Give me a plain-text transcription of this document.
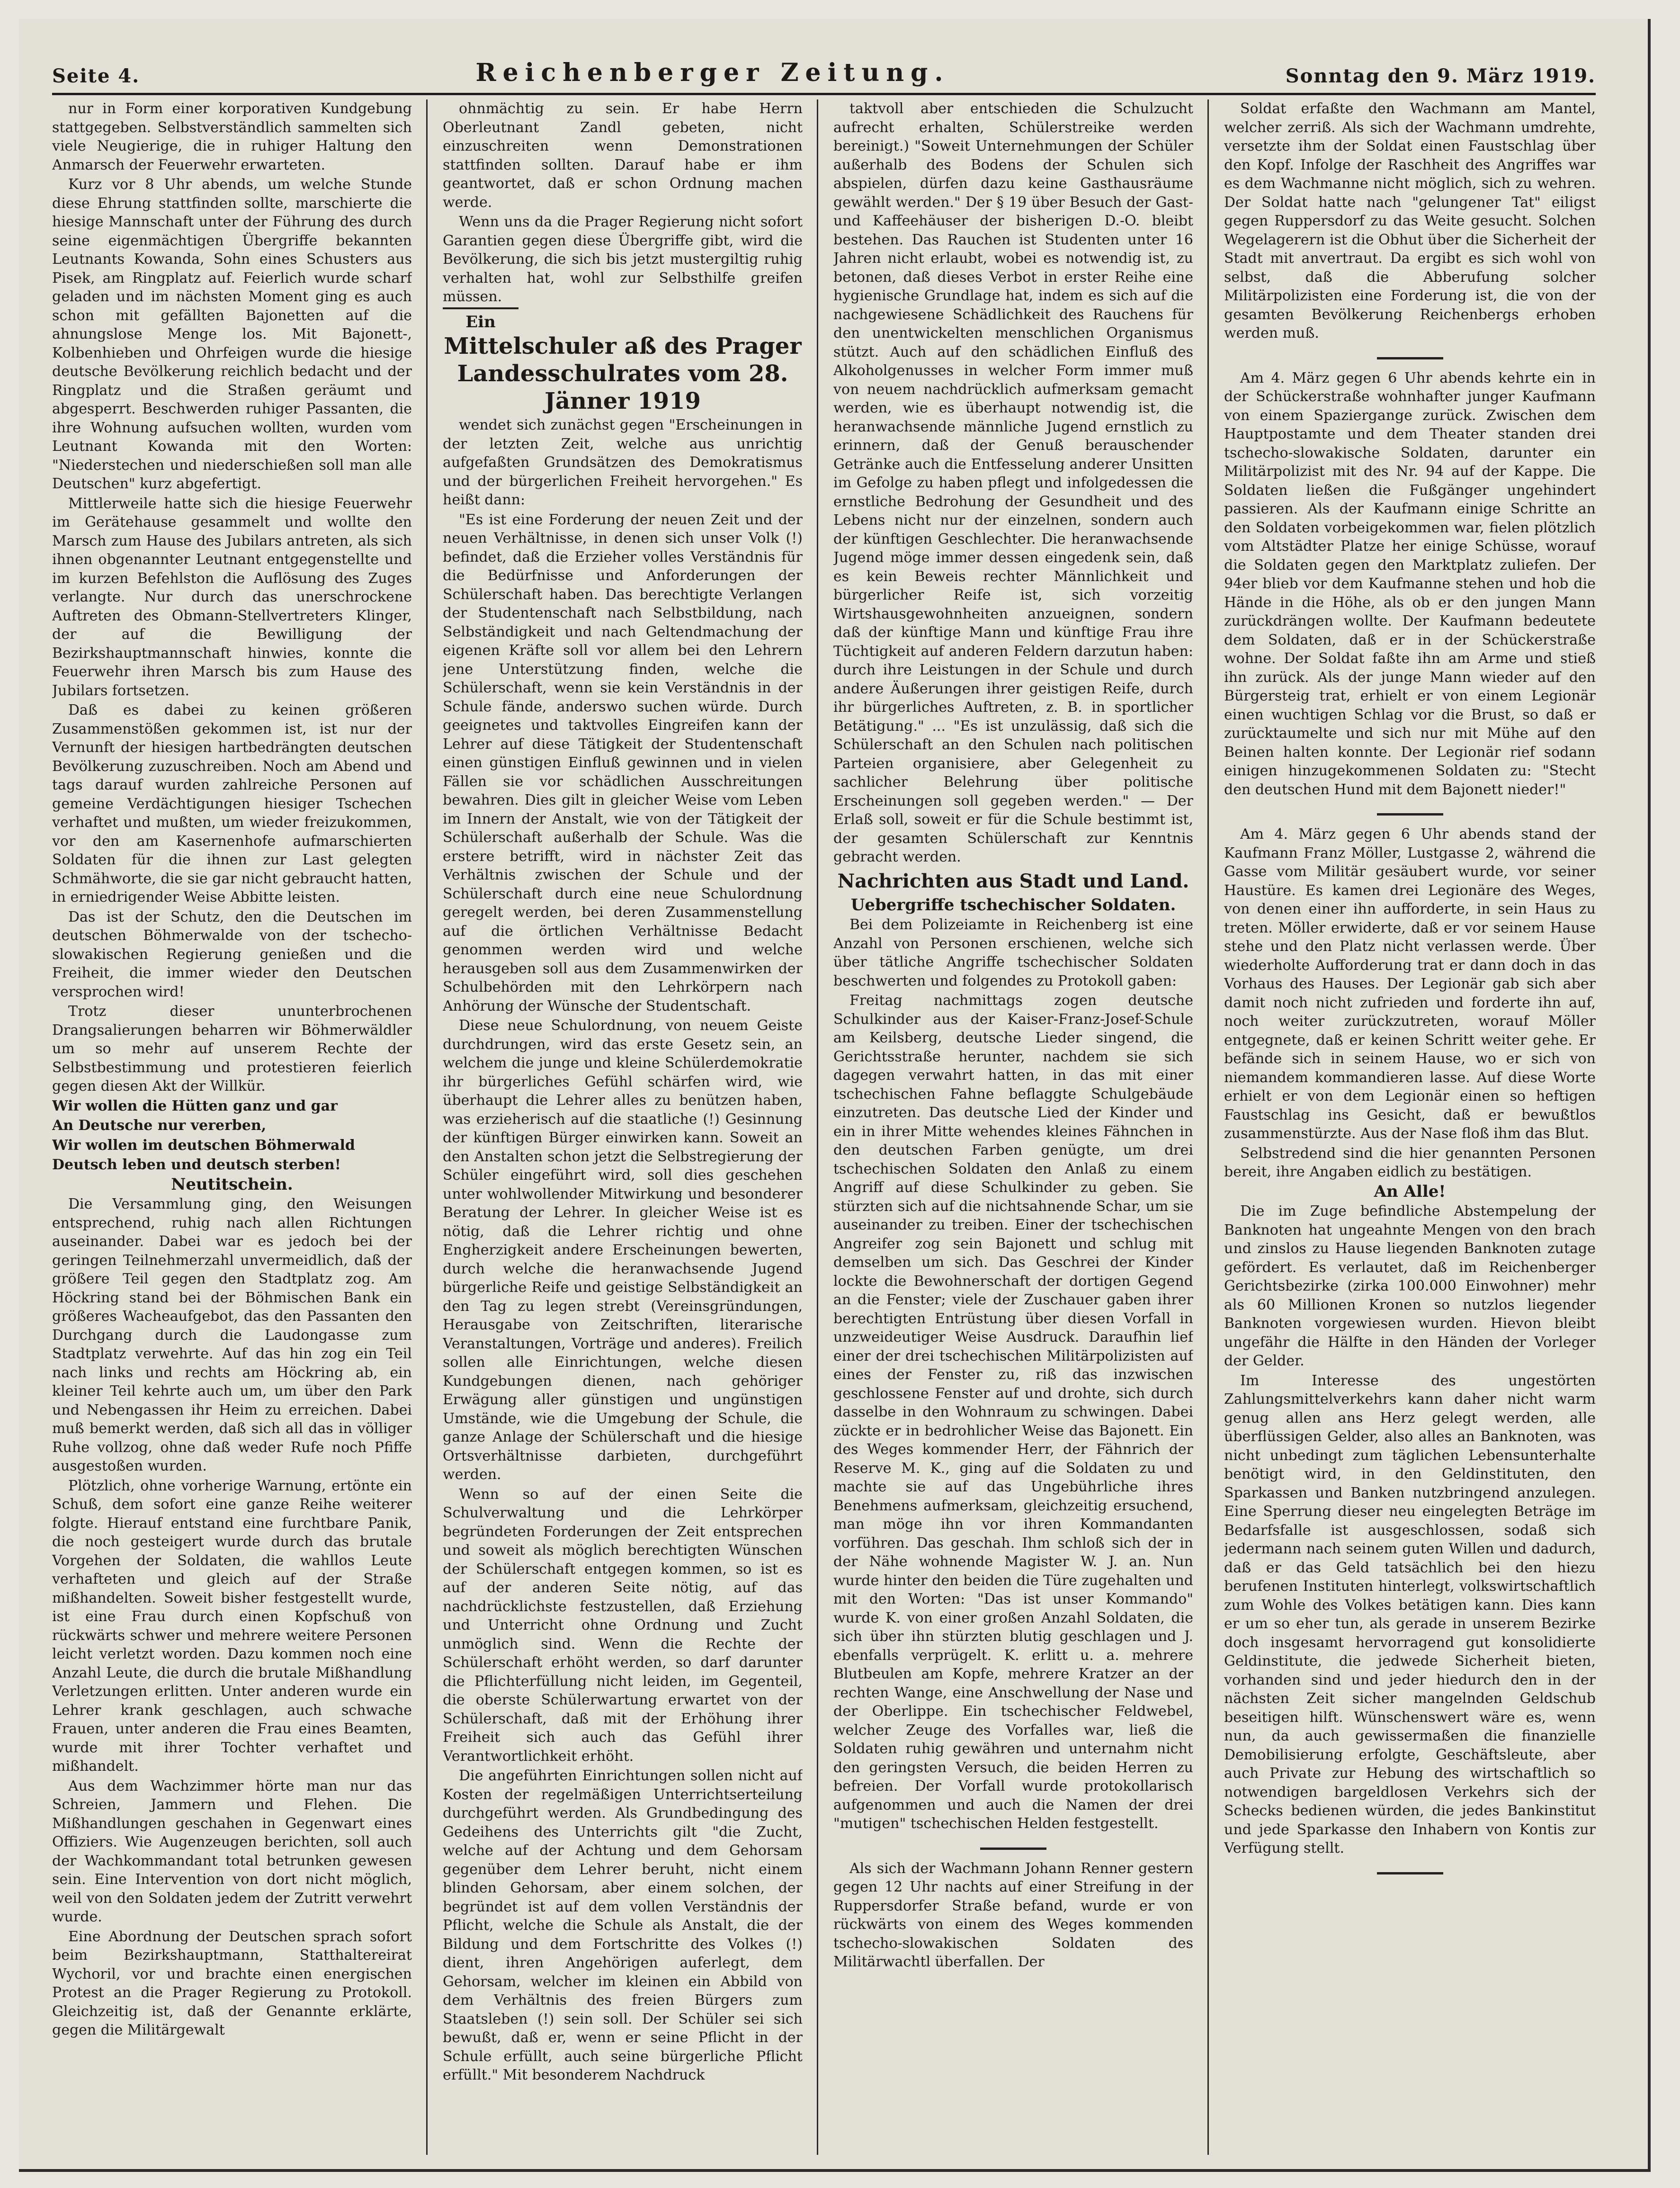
Seite 4.	Reichenberger Zeitung.	Sonntag den 9. März 1919.

nur in Form einer korporativen Kundgebung stattgegeben. Selbstverständlich sammelten sich viele Neugierige, die in ruhiger Haltung den Anmarsch der Feuerwehr erwarteten.

Kurz vor 8 Uhr abends, um welche Stunde diese Ehrung stattfinden sollte, marschierte die hiesige Mannschaft unter der Führung des durch seine eigenmächtigen Übergriffe bekannten Leutnants Kowanda, Sohn eines Schusters aus Pisek, am Ringplatz auf. Feierlich wurde scharf geladen und im nächsten Moment ging es auch schon mit gefällten Bajonetten auf die ahnungslose Menge los. Mit Bajonett-, Kolbenhieben und Ohrfeigen wurde die hiesige deutsche Bevölkerung reichlich bedacht und der Ringplatz und die Straßen geräumt und abgesperrt. Beschwerden ruhiger Passanten, die ihre Wohnung aufsuchen wollten, wurden vom Leutnant Kowanda mit den Worten: "Niederstechen und niederschießen soll man alle Deutschen" kurz abgefertigt.

Mittlerweile hatte sich die hiesige Feuerwehr im Gerätehause gesammelt und wollte den Marsch zum Hause des Jubilars antreten, als sich ihnen obgenannter Leutnant entgegenstellte und im kurzen Befehlston die Auflösung des Zuges verlangte. Nur durch das unerschrockene Auftreten des Obmann-Stellvertreters Klinger, der auf die Bewilligung der Bezirkshauptmannschaft hinwies, konnte die Feuerwehr ihren Marsch bis zum Hause des Jubilars fortsetzen.

Daß es dabei zu keinen größeren Zusammenstößen gekommen ist, ist nur der Vernunft der hiesigen hartbedrängten deutschen Bevölkerung zuzuschreiben. Noch am Abend und tags darauf wurden zahlreiche Personen auf gemeine Verdächtigungen hiesiger Tschechen verhaftet und mußten, um wieder freizukommen, vor den am Kasernenhofe aufmarschierten Soldaten für die ihnen zur Last gelegten Schmähworte, die sie gar nicht gebraucht hatten, in erniedrigender Weise Abbitte leisten.

Das ist der Schutz, den die Deutschen im deutschen Böhmerwalde von der tschecho-slowakischen Regierung genießen und die Freiheit, die immer wieder den Deutschen versprochen wird!

Trotz dieser ununterbrochenen Drangsalierungen beharren wir Böhmerwäldler um so mehr auf unserem Rechte der Selbstbestimmung und protestieren feierlich gegen diesen Akt der Willkür.

Wir wollen die Hütten ganz und gar

An Deutsche nur vererben,

Wir wollen im deutschen Böhmerwald

Deutsch leben und deutsch sterben!

Neutitschein.

Die Versammlung ging, den Weisungen entsprechend, ruhig nach allen Richtungen auseinander. Dabei war es jedoch bei der geringen Teilnehmerzahl unvermeidlich, daß der größere Teil gegen den Stadtplatz zog. Am Höckring stand bei der Böhmischen Bank ein größeres Wacheaufgebot, das den Passanten den Durchgang durch die Laudongasse zum Stadtplatz verwehrte. Auf das hin zog ein Teil nach links und rechts am Höckring ab, ein kleiner Teil kehrte auch um, um über den Park und Nebengassen ihr Heim zu erreichen. Dabei muß bemerkt werden, daß sich all das in völliger Ruhe vollzog, ohne daß weder Rufe noch Pfiffe ausgestoßen wurden.

Plötzlich, ohne vorherige Warnung, ertönte ein Schuß, dem sofort eine ganze Reihe weiterer folgte. Hierauf entstand eine furchtbare Panik, die noch gesteigert wurde durch das brutale Vorgehen der Soldaten, die wahllos Leute verhafteten und gleich auf der Straße mißhandelten. Soweit bisher festgestellt wurde, ist eine Frau durch einen Kopfschuß von rückwärts schwer und mehrere weitere Personen leicht verletzt worden. Dazu kommen noch eine Anzahl Leute, die durch die brutale Mißhandlung Verletzungen erlitten. Unter anderen wurde ein Lehrer krank geschlagen, auch schwache Frauen, unter anderen die Frau eines Beamten, wurde mit ihrer Tochter verhaftet und mißhandelt.

Aus dem Wachzimmer hörte man nur das Schreien, Jammern und Flehen. Die Mißhandlungen geschahen in Gegenwart eines Offiziers. Wie Augenzeugen berichten, soll auch der Wachkommandant total betrunken gewesen sein. Eine Intervention von dort nicht möglich, weil von den Soldaten jedem der Zutritt verwehrt wurde.

Eine Abordnung der Deutschen sprach sofort beim Bezirkshauptmann, Statthaltereirat Wychoril, vor und brachte einen energischen Protest an die Prager Regierung zu Protokoll. Gleichzeitig ist, daß der Genannte erklärte, gegen die Militärgewalt

ohnmächtig zu sein. Er habe Herrn Oberleutnant Zandl gebeten, nicht einzuschreiten wenn Demonstrationen stattfinden sollten. Darauf habe er ihm geantwortet, daß er schon Ordnung machen werde.

Wenn uns da die Prager Regierung nicht sofort Garantien gegen diese Übergriffe gibt, wird die Bevölkerung, die sich bis jetzt mustergiltig ruhig verhalten hat, wohl zur Selbsthilfe greifen müssen.

Ein

Mittelschuler aß des Prager Landesschulrates vom 28. Jänner 1919

wendet sich zunächst gegen "Erscheinungen in der letzten Zeit, welche aus unrichtig aufgefaßten Grundsätzen des Demokratismus und der bürgerlichen Freiheit hervorgehen." Es heißt dann:

"Es ist eine Forderung der neuen Zeit und der neuen Verhältnisse, in denen sich unser Volk (!) befindet, daß die Erzieher volles Verständnis für die Bedürfnisse und Anforderungen der Schülerschaft haben. Das berechtigte Verlangen der Studentenschaft nach Selbstbildung, nach Selbständigkeit und nach Geltendmachung der eigenen Kräfte soll vor allem bei den Lehrern jene Unterstützung finden, welche die Schülerschaft, wenn sie kein Verständnis in der Schule fände, anderswo suchen würde. Durch geeignetes und taktvolles Eingreifen kann der Lehrer auf diese Tätigkeit der Studentenschaft einen günstigen Einfluß gewinnen und in vielen Fällen sie vor schädlichen Ausschreitungen bewahren. Dies gilt in gleicher Weise vom Leben im Innern der Anstalt, wie von der Tätigkeit der Schülerschaft außerhalb der Schule. Was die erstere betrifft, wird in nächster Zeit das Verhältnis zwischen der Schule und der Schülerschaft durch eine neue Schulordnung geregelt werden, bei deren Zusammenstellung auf die örtlichen Verhältnisse Bedacht genommen werden wird und welche herausgeben soll aus dem Zusammenwirken der Schulbehörden mit den Lehrkörpern nach Anhörung der Wünsche der Studentschaft.

Diese neue Schulordnung, von neuem Geiste durchdrungen, wird das erste Gesetz sein, an welchem die junge und kleine Schülerdemokratie ihr bürgerliches Gefühl schärfen wird, wie überhaupt die Lehrer alles zu benützen haben, was erzieherisch auf die staatliche (!) Gesinnung der künftigen Bürger einwirken kann. Soweit an den Anstalten schon jetzt die Selbstregierung der Schüler eingeführt wird, soll dies geschehen unter wohlwollender Mitwirkung und besonderer Beratung der Lehrer. In gleicher Weise ist es nötig, daß die Lehrer richtig und ohne Engherzigkeit andere Erscheinungen bewerten, durch welche die heranwachsende Jugend bürgerliche Reife und geistige Selbständigkeit an den Tag zu legen strebt (Vereinsgründungen, Herausgabe von Zeitschriften, literarische Veranstaltungen, Vorträge und anderes). Freilich sollen alle Einrichtungen, welche diesen Kundgebungen dienen, nach gehöriger Erwägung aller günstigen und ungünstigen Umstände, wie die Umgebung der Schule, die ganze Anlage der Schülerschaft und die hiesige Ortsverhältnisse darbieten, durchgeführt werden.

Wenn so auf der einen Seite die Schulverwaltung und die Lehrkörper begründeten Forderungen der Zeit entsprechen und soweit als möglich berechtigten Wünschen der Schülerschaft entgegen kommen, so ist es auf der anderen Seite nötig, auf das nachdrücklichste festzustellen, daß Erziehung und Unterricht ohne Ordnung und Zucht unmöglich sind. Wenn die Rechte der Schülerschaft erhöht werden, so darf darunter die Pflichterfüllung nicht leiden, im Gegenteil, die oberste Schülerwartung erwartet von der Schülerschaft, daß mit der Erhöhung ihrer Freiheit sich auch das Gefühl ihrer Verantwortlichkeit erhöht.

Die angeführten Einrichtungen sollen nicht auf Kosten der regelmäßigen Unterrichtserteilung durchgeführt werden. Als Grundbedingung des Gedeihens des Unterrichts gilt "die Zucht, welche auf der Achtung und dem Gehorsam gegenüber dem Lehrer beruht, nicht einem blinden Gehorsam, aber einem solchen, der begründet ist auf dem vollen Verständnis der Pflicht, welche die Schule als Anstalt, die der Bildung und dem Fortschritte des Volkes (!) dient, ihren Angehörigen auferlegt, dem Gehorsam, welcher im kleinen ein Abbild von dem Verhältnis des freien Bürgers zum Staatsleben (!) sein soll. Der Schüler sei sich bewußt, daß er, wenn er seine Pflicht in der Schule erfüllt, auch seine bürgerliche Pflicht erfüllt." Mit besonderem Nachdruck

taktvoll aber entschieden die Schulzucht aufrecht erhalten, Schülerstreike werden bereinigt.) "Soweit Unternehmungen der Schüler außerhalb des Bodens der Schulen sich abspielen, dürfen dazu keine Gasthausräume gewählt werden." Der § 19 über Besuch der Gast- und Kaffeehäuser der bisherigen D.-O. bleibt bestehen. Das Rauchen ist Studenten unter 16 Jahren nicht erlaubt, wobei es notwendig ist, zu betonen, daß dieses Verbot in erster Reihe eine hygienische Grundlage hat, indem es sich auf die nachgewiesene Schädlichkeit des Rauchens für den unentwickelten menschlichen Organismus stützt. Auch auf den schädlichen Einfluß des Alkoholgenusses in welcher Form immer muß von neuem nachdrücklich aufmerksam gemacht werden, wie es überhaupt notwendig ist, die heranwachsende männliche Jugend ernstlich zu erinnern, daß der Genuß berauschender Getränke auch die Entfesselung anderer Unsitten im Gefolge zu haben pflegt und infolgedessen die ernstliche Bedrohung der Gesundheit und des Lebens nicht nur der einzelnen, sondern auch der künftigen Geschlechter. Die heranwachsende Jugend möge immer dessen eingedenk sein, daß es kein Beweis rechter Männlichkeit und bürgerlicher Reife ist, sich vorzeitig Wirtshausgewohnheiten anzueignen, sondern daß der künftige Mann und künftige Frau ihre Tüchtigkeit auf anderen Feldern darzutun haben: durch ihre Leistungen in der Schule und durch andere Äußerungen ihrer geistigen Reife, durch ihr bürgerliches Auftreten, z. B. in sportlicher Betätigung." ... "Es ist unzulässig, daß sich die Schülerschaft an den Schulen nach politischen Parteien organisiere, aber Gelegenheit zu sachlicher Belehrung über politische Erscheinungen soll gegeben werden." — Der Erlaß soll, soweit er für die Schule bestimmt ist, der gesamten Schülerschaft zur Kenntnis gebracht werden.

Nachrichten aus Stadt und Land.

Uebergriffe tschechischer Soldaten.

Bei dem Polizeiamte in Reichenberg ist eine Anzahl von Personen erschienen, welche sich über tätliche Angriffe tschechischer Soldaten beschwerten und folgendes zu Protokoll gaben:

Freitag nachmittags zogen deutsche Schulkinder aus der Kaiser-Franz-Josef-Schule am Keilsberg, deutsche Lieder singend, die Gerichtsstraße herunter, nachdem sie sich dagegen verwahrt hatten, in das mit einer tschechischen Fahne beflaggte Schulgebäude einzutreten. Das deutsche Lied der Kinder und ein in ihrer Mitte wehendes kleines Fähnchen in den deutschen Farben genügte, um drei tschechischen Soldaten den Anlaß zu einem Angriff auf diese Schulkinder zu geben. Sie stürzten sich auf die nichtsahnende Schar, um sie auseinander zu treiben. Einer der tschechischen Angreifer zog sein Bajonett und schlug mit demselben um sich. Das Geschrei der Kinder lockte die Bewohnerschaft der dortigen Gegend an die Fenster; viele der Zuschauer gaben ihrer berechtigten Entrüstung über diesen Vorfall in unzweideutiger Weise Ausdruck. Daraufhin lief einer der drei tschechischen Militärpolizisten auf eines der Fenster zu, riß das inzwischen geschlossene Fenster auf und drohte, sich durch dasselbe in den Wohnraum zu schwingen. Dabei zückte er in bedrohlicher Weise das Bajonett. Ein des Weges kommender Herr, der Fähnrich der Reserve M. K., ging auf die Soldaten zu und machte sie auf das Ungebührliche ihres Benehmens aufmerksam, gleichzeitig ersuchend, man möge ihn vor ihren Kommandanten vorführen. Das geschah. Ihm schloß sich der in der Nähe wohnende Magister W. J. an. Nun wurde hinter den beiden die Türe zugehalten und mit den Worten: "Das ist unser Kommando" wurde K. von einer großen Anzahl Soldaten, die sich über ihn stürzten blutig geschlagen und J. ebenfalls verprügelt. K. erlitt u. a. mehrere Blutbeulen am Kopfe, mehrere Kratzer an der rechten Wange, eine Anschwellung der Nase und der Oberlippe. Ein tschechischer Feldwebel, welcher Zeuge des Vorfalles war, ließ die Soldaten ruhig gewähren und unternahm nicht den geringsten Versuch, die beiden Herren zu befreien. Der Vorfall wurde protokollarisch aufgenommen und auch die Namen der drei "mutigen" tschechischen Helden festgestellt.

Als sich der Wachmann Johann Renner gestern gegen 12 Uhr nachts auf einer Streifung in der Ruppersdorfer Straße befand, wurde er von rückwärts von einem des Weges kommenden tschecho-slowakischen Soldaten des Militärwachtl überfallen. Der

Soldat erfaßte den Wachmann am Mantel, welcher zerriß. Als sich der Wachmann umdrehte, versetzte ihm der Soldat einen Faustschlag über den Kopf. Infolge der Raschheit des Angriffes war es dem Wachmanne nicht möglich, sich zu wehren. Der Soldat hatte nach "gelungener Tat" eiligst gegen Ruppersdorf zu das Weite gesucht. Solchen Wegelagerern ist die Obhut über die Sicherheit der Stadt mit anvertraut. Da ergibt es sich wohl von selbst, daß die Abberufung solcher Militärpolizisten eine Forderung ist, die von der gesamten Bevölkerung Reichenbergs erhoben werden muß.

Am 4. März gegen 6 Uhr abends kehrte ein in der Schückerstraße wohnhafter junger Kaufmann von einem Spaziergange zurück. Zwischen dem Hauptpostamte und dem Theater standen drei tschecho-slowakische Soldaten, darunter ein Militärpolizist mit des Nr. 94 auf der Kappe. Die Soldaten ließen die Fußgänger ungehindert passieren. Als der Kaufmann einige Schritte an den Soldaten vorbeigekommen war, fielen plötzlich vom Altstädter Platze her einige Schüsse, worauf die Soldaten gegen den Marktplatz zuliefen. Der 94er blieb vor dem Kaufmanne stehen und hob die Hände in die Höhe, als ob er den jungen Mann zurückdrängen wollte. Der Kaufmann bedeutete dem Soldaten, daß er in der Schückerstraße wohne. Der Soldat faßte ihn am Arme und stieß ihn zurück. Als der junge Mann wieder auf den Bürgersteig trat, erhielt er von einem Legionär einen wuchtigen Schlag vor die Brust, so daß er zurücktaumelte und sich nur mit Mühe auf den Beinen halten konnte. Der Legionär rief sodann einigen hinzugekommenen Soldaten zu: "Stecht den deutschen Hund mit dem Bajonett nieder!"

Am 4. März gegen 6 Uhr abends stand der Kaufmann Franz Möller, Lustgasse 2, während die Gasse vom Militär gesäubert wurde, vor seiner Haustüre. Es kamen drei Legionäre des Weges, von denen einer ihn aufforderte, in sein Haus zu treten. Möller erwiderte, daß er vor seinem Hause stehe und den Platz nicht verlassen werde. Über wiederholte Aufforderung trat er dann doch in das Vorhaus des Hauses. Der Legionär gab sich aber damit noch nicht zufrieden und forderte ihn auf, noch weiter zurückzutreten, worauf Möller entgegnete, daß er keinen Schritt weiter gehe. Er befände sich in seinem Hause, wo er sich von niemandem kommandieren lasse. Auf diese Worte erhielt er von dem Legionär einen so heftigen Faustschlag ins Gesicht, daß er bewußtlos zusammenstürzte. Aus der Nase floß ihm das Blut.

Selbstredend sind die hier genannten Personen bereit, ihre Angaben eidlich zu bestätigen.

An Alle!

Die im Zuge befindliche Abstempelung der Banknoten hat ungeahnte Mengen von den brach und zinslos zu Hause liegenden Banknoten zutage gefördert. Es verlautet, daß im Reichenberger Gerichtsbezirke (zirka 100.000 Einwohner) mehr als 60 Millionen Kronen so nutzlos liegender Banknoten vorgewiesen wurden. Hievon bleibt ungefähr die Hälfte in den Händen der Vorleger der Gelder.

Im Interesse des ungestörten Zahlungsmittelverkehrs kann daher nicht warm genug allen ans Herz gelegt werden, alle überflüssigen Gelder, also alles an Banknoten, was nicht unbedingt zum täglichen Lebensunterhalte benötigt wird, in den Geldinstituten, den Sparkassen und Banken nutzbringend anzulegen. Eine Sperrung dieser neu eingelegten Beträge im Bedarfsfalle ist ausgeschlossen, sodaß sich jedermann nach seinem guten Willen und dadurch, daß er das Geld tatsächlich bei den hiezu berufenen Instituten hinterlegt, volkswirtschaftlich zum Wohle des Volkes betätigen kann. Dies kann er um so eher tun, als gerade in unserem Bezirke doch insgesamt hervorragend gut konsolidierte Geldinstitute, die jedwede Sicherheit bieten, vorhanden sind und jeder hiedurch den in der nächsten Zeit sicher mangelnden Geldschub beseitigen hilft. Wünschenswert wäre es, wenn nun, da auch gewissermaßen die finanzielle Demobilisierung erfolgte, Geschäftsleute, aber auch Private zur Hebung des wirtschaftlich so notwendigen bargeldlosen Verkehrs sich der Schecks bedienen würden, die jedes Bankinstitut und jede Sparkasse den Inhabern von Kontis zur Verfügung stellt.
